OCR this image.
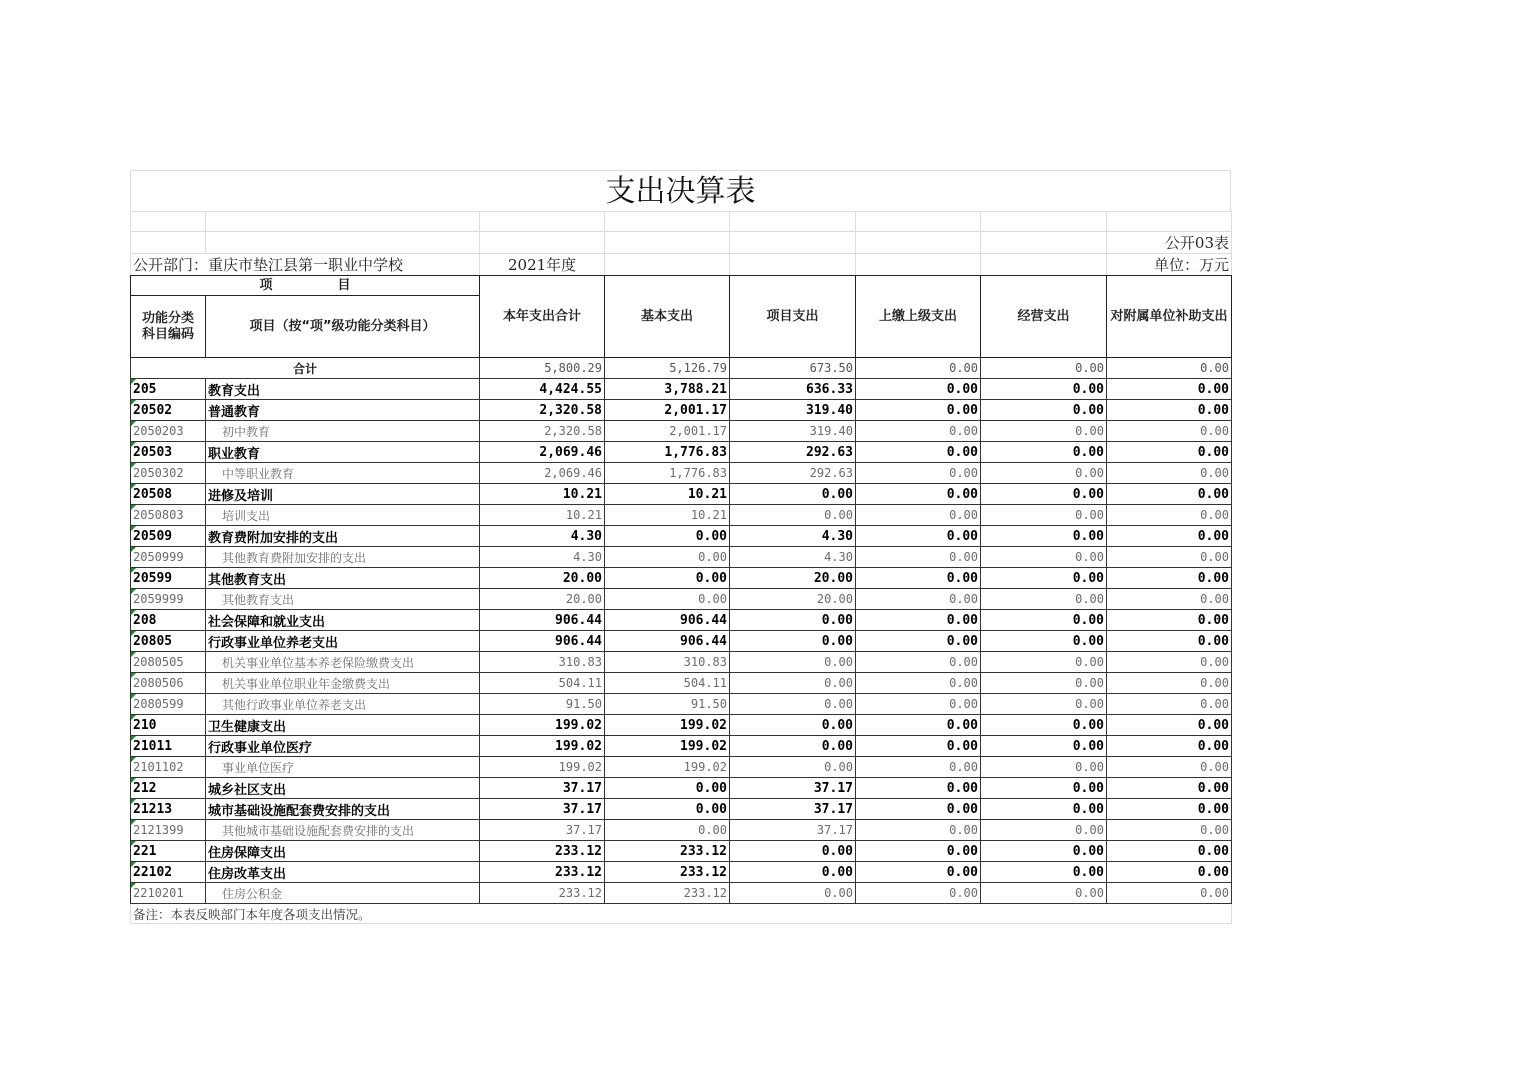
支出决算表

							公开03表
公开部门：重庆市垫江县第一职业中学校		2021年度					单位：万元
项　　　　　目		本年支出合计	基本支出	项目支出	上缴上级支出	经营支出	对附属单位补助支出
功能分类科目编码	项目（按“项”级功能分类科目）						
合计		5,800.29	5,126.79	673.50	0.00	0.00	0.00
205	教育支出	4,424.55	3,788.21	636.33	0.00	0.00	0.00
20502	普通教育	2,320.58	2,001.17	319.40	0.00	0.00	0.00
2050203	初中教育	2,320.58	2,001.17	319.40	0.00	0.00	0.00
20503	职业教育	2,069.46	1,776.83	292.63	0.00	0.00	0.00
2050302	中等职业教育	2,069.46	1,776.83	292.63	0.00	0.00	0.00
20508	进修及培训	10.21	10.21	0.00	0.00	0.00	0.00
2050803	培训支出	10.21	10.21	0.00	0.00	0.00	0.00
20509	教育费附加安排的支出	4.30	0.00	4.30	0.00	0.00	0.00
2050999	其他教育费附加安排的支出	4.30	0.00	4.30	0.00	0.00	0.00
20599	其他教育支出	20.00	0.00	20.00	0.00	0.00	0.00
2059999	其他教育支出	20.00	0.00	20.00	0.00	0.00	0.00
208	社会保障和就业支出	906.44	906.44	0.00	0.00	0.00	0.00
20805	行政事业单位养老支出	906.44	906.44	0.00	0.00	0.00	0.00
2080505	机关事业单位基本养老保险缴费支出	310.83	310.83	0.00	0.00	0.00	0.00
2080506	机关事业单位职业年金缴费支出	504.11	504.11	0.00	0.00	0.00	0.00
2080599	其他行政事业单位养老支出	91.50	91.50	0.00	0.00	0.00	0.00
210	卫生健康支出	199.02	199.02	0.00	0.00	0.00	0.00
21011	行政事业单位医疗	199.02	199.02	0.00	0.00	0.00	0.00
2101102	事业单位医疗	199.02	199.02	0.00	0.00	0.00	0.00
212	城乡社区支出	37.17	0.00	37.17	0.00	0.00	0.00
21213	城市基础设施配套费安排的支出	37.17	0.00	37.17	0.00	0.00	0.00
2121399	其他城市基础设施配套费安排的支出	37.17	0.00	37.17	0.00	0.00	0.00
221	住房保障支出	233.12	233.12	0.00	0.00	0.00	0.00
22102	住房改革支出	233.12	233.12	0.00	0.00	0.00	0.00
2210201	住房公积金	233.12	233.12	0.00	0.00	0.00	0.00
备注：本表反映部门本年度各项支出情况。							
